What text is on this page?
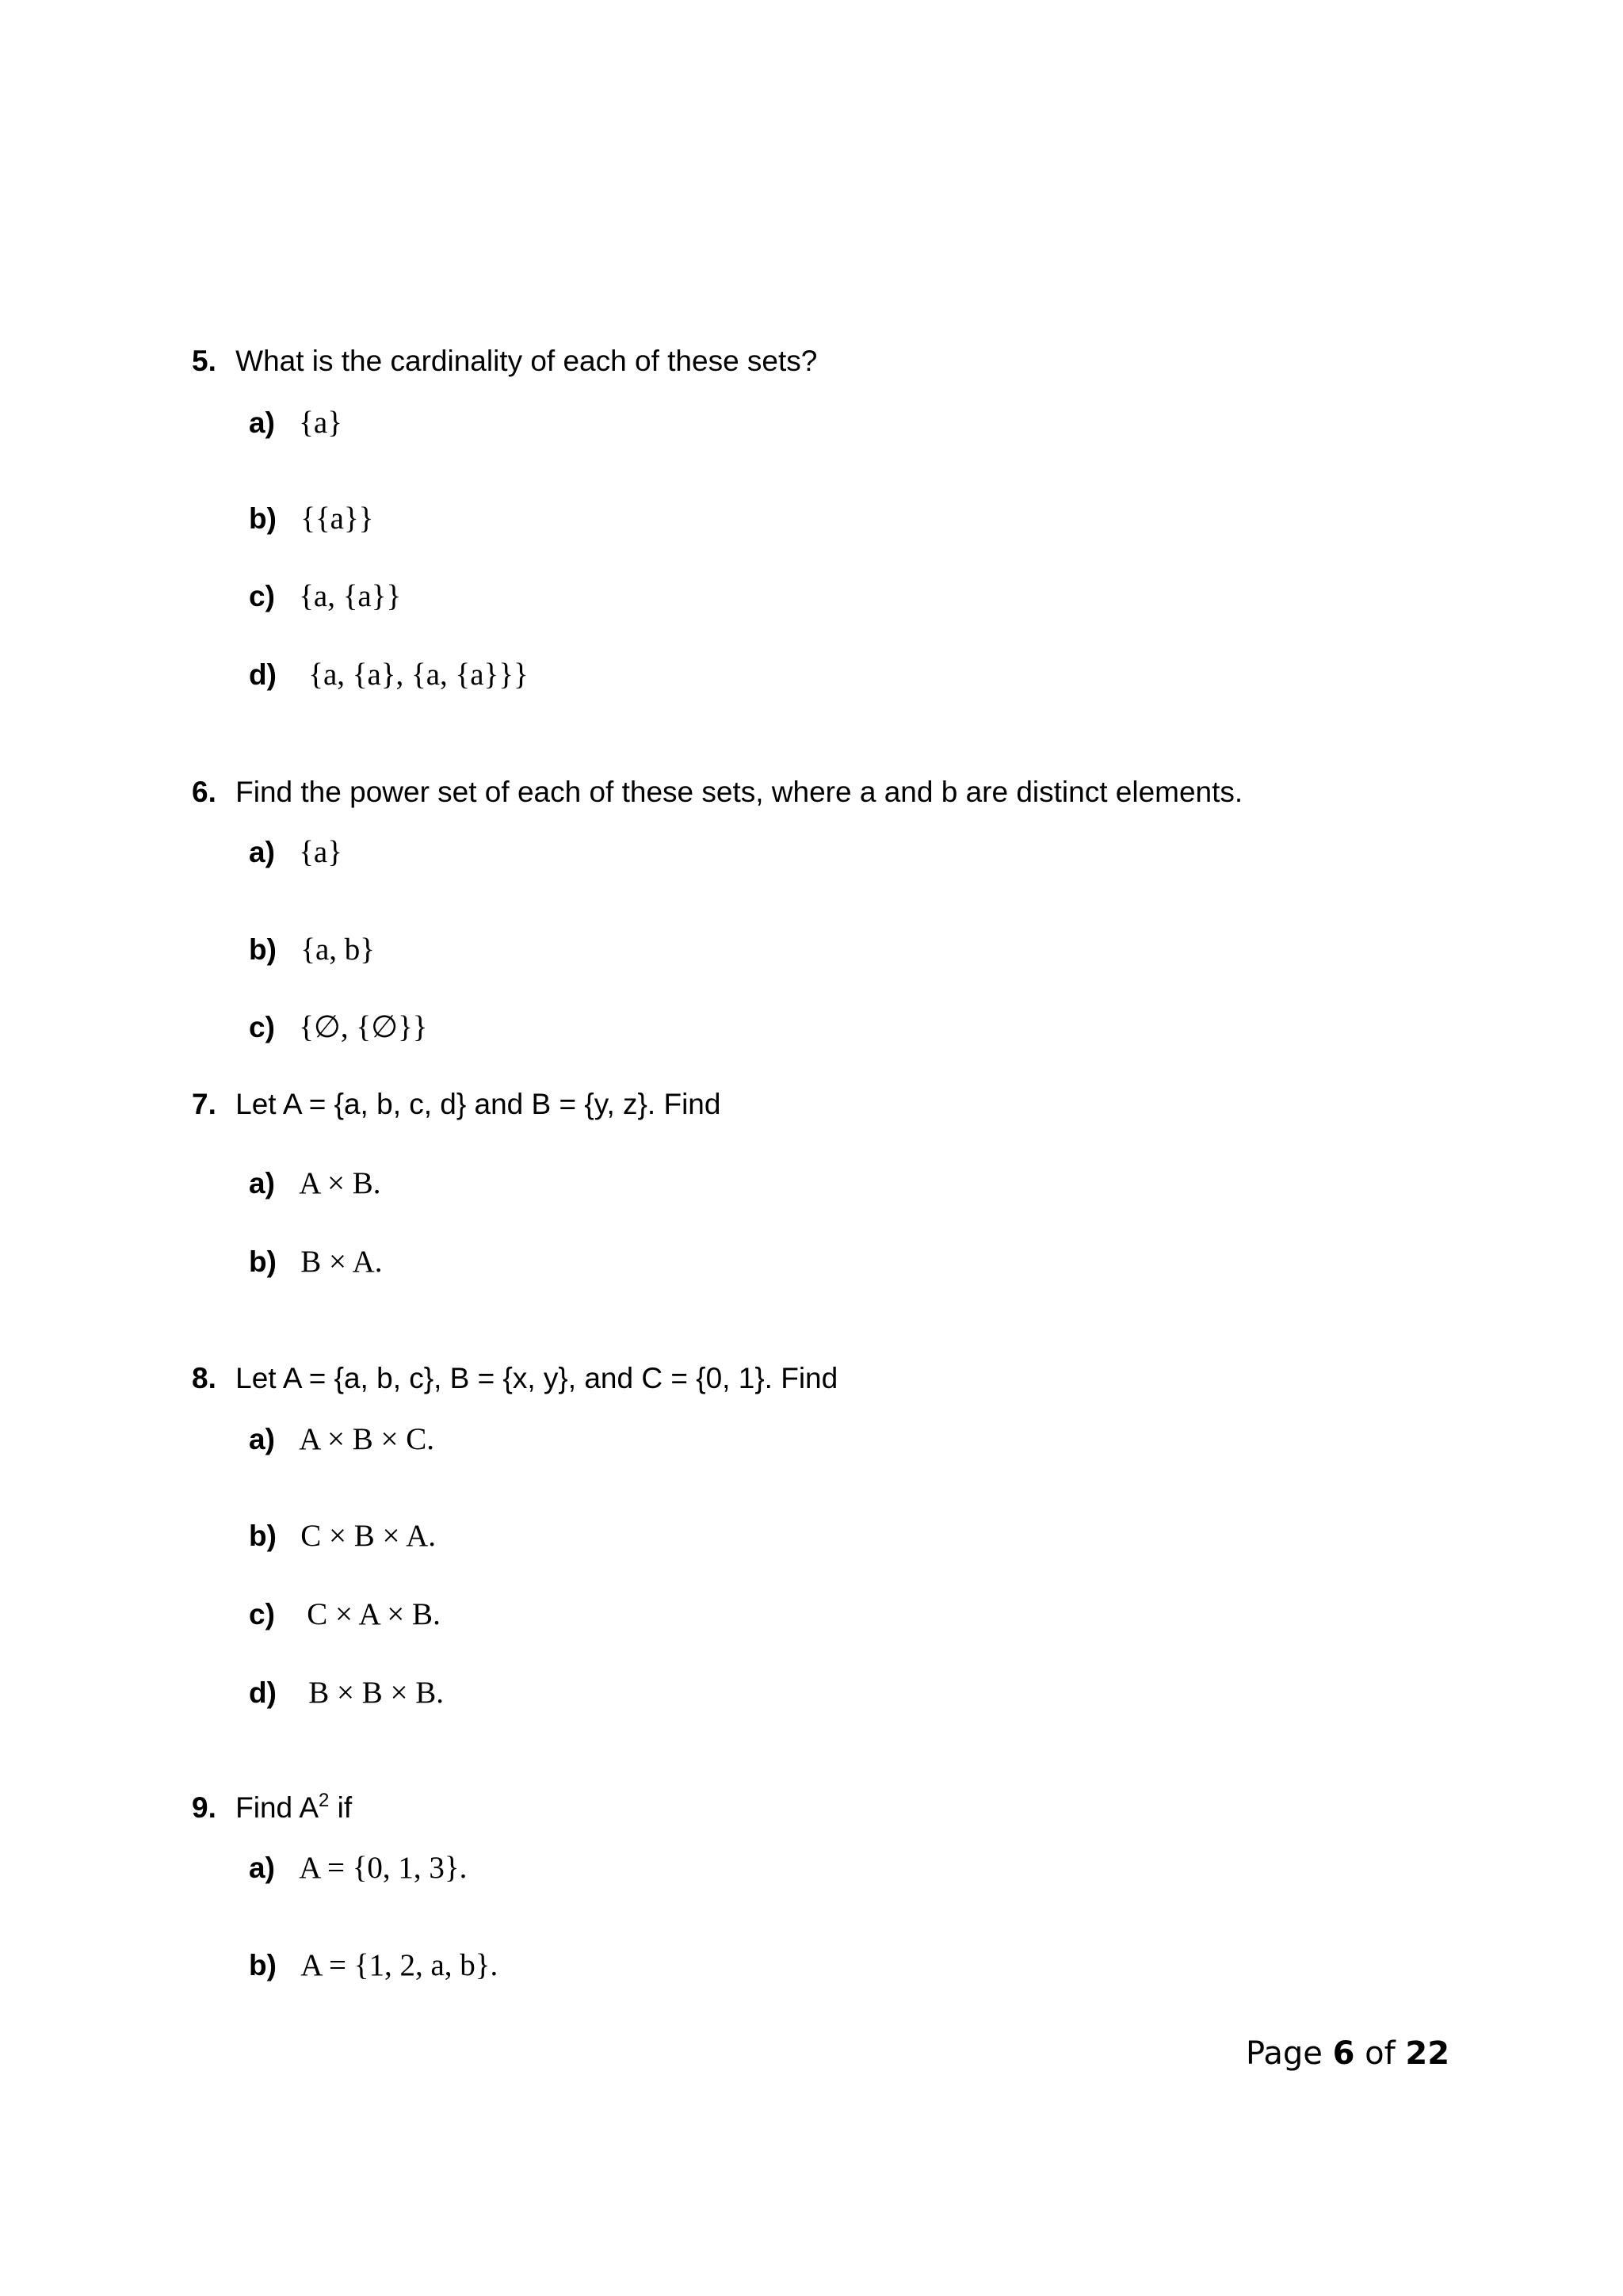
5. What is the cardinality of each of these sets?
a) {a}
b) {{a}}
c) {a, {a}}
d) {a, {a}, {a, {a}}}
6. Find the power set of each of these sets, where a and b are distinct elements.
a) {a}
b) {a, b}
c) {∅, {∅}}
7. Let A = {a, b, c, d} and B = {y, z}. Find
a) A × B.
b) B × A.
8. Let A = {a, b, c}, B = {x, y}, and C = {0, 1}. Find
a) A × B × C.
b) C × B × A.
c) C × A × B.
d) B × B × B.
9. Find $A^2$ if
a) A = {0, 1, 3}.
b) A = {1, 2, a, b}.
Page 6 of 22
